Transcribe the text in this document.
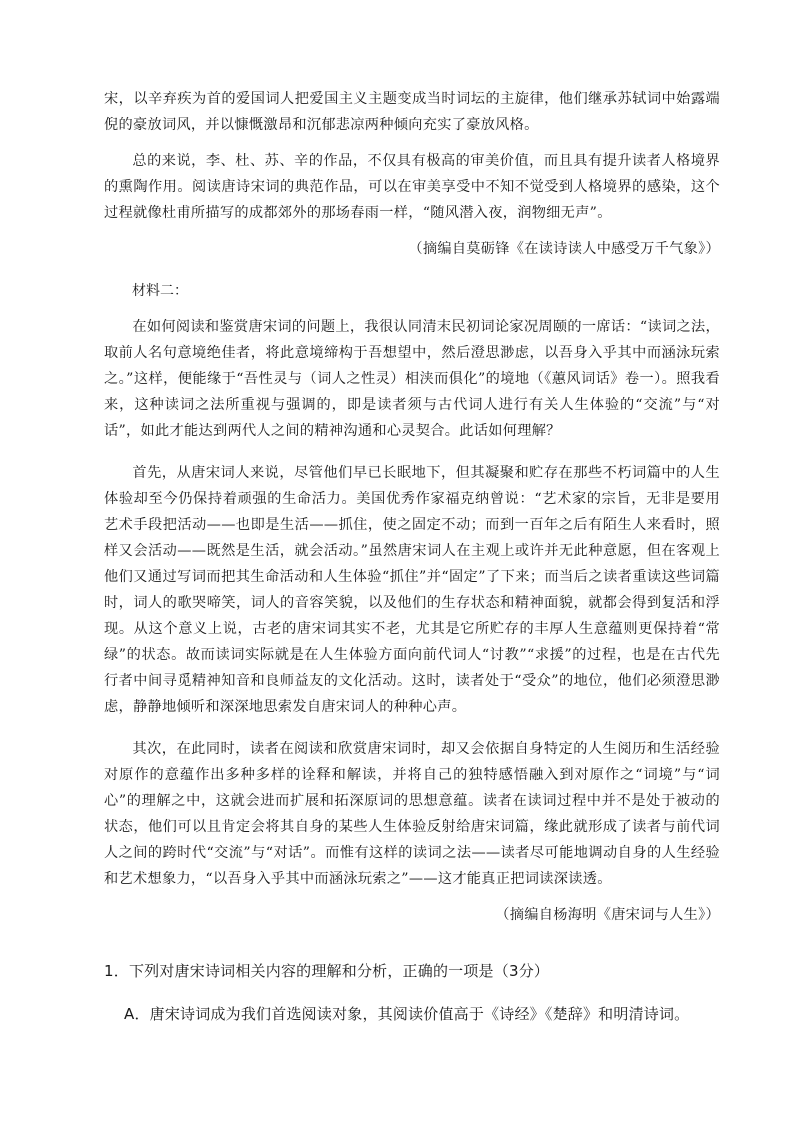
宋，以辛弃疾为首的爱国词人把爱国主义主题变成当时词坛的主旋律，他们继承苏轼词中始露端倪的豪放词风，并以慷慨激昂和沉郁悲凉两种倾向充实了豪放风格。

总的来说，李、杜、苏、辛的作品，不仅具有极高的审美价值，而且具有提升读者人格境界的熏陶作用。阅读唐诗宋词的典范作品，可以在审美享受中不知不觉受到人格境界的感染，这个过程就像杜甫所描写的成都郊外的那场春雨一样，“随风潜入夜，润物细无声”。

（摘编自莫砺锋《在读诗读人中感受万千气象》）

材料二：

在如何阅读和鉴赏唐宋词的问题上，我很认同清末民初词论家况周颐的一席话：“读词之法，取前人名句意境绝佳者，将此意境缔构于吾想望中，然后澄思渺虑，以吾身入乎其中而涵泳玩索之。”这样，便能缘于“吾性灵与（词人之性灵）相浃而俱化”的境地（《蕙风词话》卷一）。照我看来，这种读词之法所重视与强调的，即是读者须与古代词人进行有关人生体验的“交流”与“对话”，如此才能达到两代人之间的精神沟通和心灵契合。此话如何理解？

首先，从唐宋词人来说，尽管他们早已长眠地下，但其凝聚和贮存在那些不朽词篇中的人生体验却至今仍保持着顽强的生命活力。美国优秀作家福克纳曾说：“艺术家的宗旨，无非是要用艺术手段把活动——也即是生活——抓住，使之固定不动；而到一百年之后有陌生人来看时，照样又会活动——既然是生活，就会活动。”虽然唐宋词人在主观上或许并无此种意愿，但在客观上他们又通过写词而把其生命活动和人生体验“抓住”并“固定”了下来；而当后之读者重读这些词篇时，词人的歌哭啼笑，词人的音容笑貌，以及他们的生存状态和精神面貌，就都会得到复活和浮现。从这个意义上说，古老的唐宋词其实不老，尤其是它所贮存的丰厚人生意蕴则更保持着“常绿”的状态。故而读词实际就是在人生体验方面向前代词人“讨教”“求援”的过程，也是在古代先行者中间寻觅精神知音和良师益友的文化活动。这时，读者处于“受众”的地位，他们必须澄思渺虑，静静地倾听和深深地思索发自唐宋词人的种种心声。

其次，在此同时，读者在阅读和欣赏唐宋词时，却又会依据自身特定的人生阅历和生活经验对原作的意蕴作出多种多样的诠释和解读，并将自己的独特感悟融入到对原作之“词境”与“词心”的理解之中，这就会进而扩展和拓深原词的思想意蕴。读者在读词过程中并不是处于被动的状态，他们可以且肯定会将其自身的某些人生体验反射给唐宋词篇，缘此就形成了读者与前代词人之间的跨时代“交流”与“对话”。而惟有这样的读词之法——读者尽可能地调动自身的人生经验和艺术想象力，“以吾身入乎其中而涵泳玩索之”——这才能真正把词读深读透。

（摘编自杨海明《唐宋词与人生》）

1．下列对唐宋诗词相关内容的理解和分析，正确的一项是（3分）
A．唐宋诗词成为我们首选阅读对象，其阅读价值高于《诗经》《楚辞》和明清诗词。
